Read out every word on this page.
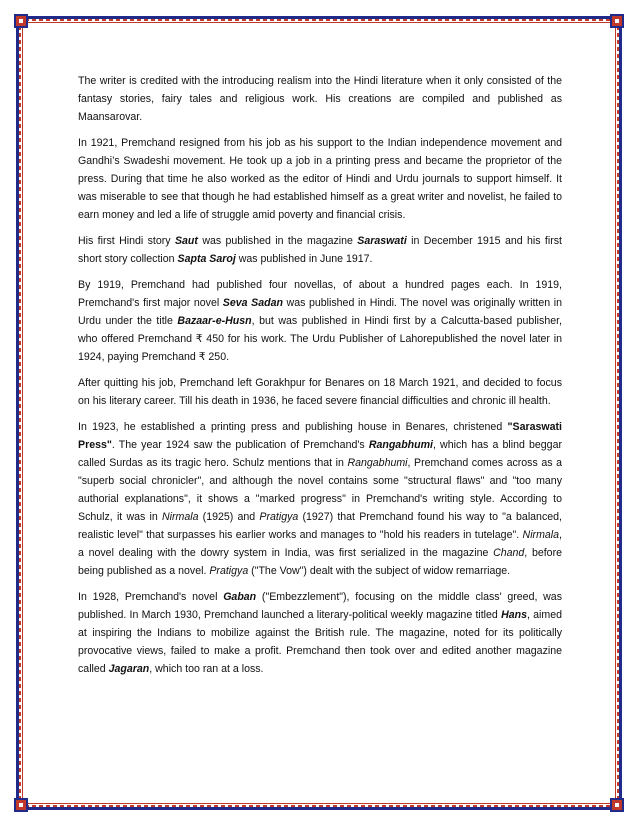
The writer is credited with the introducing realism into the Hindi literature when it only consisted of the fantasy stories, fairy tales and religious work. His creations are compiled and published as Maansarovar.

In 1921, Premchand resigned from his job as his support to the Indian independence movement and Gandhi’s Swadeshi movement. He took up a job in a printing press and became the proprietor of the press. During that time he also worked as the editor of Hindi and Urdu journals to support himself. It was miserable to see that though he had established himself as a great writer and novelist, he failed to earn money and led a life of struggle amid poverty and financial crisis.

His first Hindi story Saut was published in the magazine Saraswati in December 1915 and his first short story collection Sapta Saroj was published in June 1917.

By 1919, Premchand had published four novellas, of about a hundred pages each. In 1919, Premchand's first major novel Seva Sadan was published in Hindi. The novel was originally written in Urdu under the title Bazaar-e-Husn, but was published in Hindi first by a Calcutta-based publisher, who offered Premchand ₹ 450 for his work. The Urdu Publisher of Lahorepublished the novel later in 1924, paying Premchand ₹ 250.

After quitting his job, Premchand left Gorakhpur for Benares on 18 March 1921, and decided to focus on his literary career. Till his death in 1936, he faced severe financial difficulties and chronic ill health.

In 1923, he established a printing press and publishing house in Benares, christened "Saraswati Press". The year 1924 saw the publication of Premchand's Rangabhumi, which has a blind beggar called Surdas as its tragic hero. Schulz mentions that in Rangabhumi, Premchand comes across as a "superb social chronicler", and although the novel contains some "structural flaws" and "too many authorial explanations", it shows a "marked progress" in Premchand's writing style. According to Schulz, it was in Nirmala (1925) and Pratigya (1927) that Premchand found his way to "a balanced, realistic level" that surpasses his earlier works and manages to "hold his readers in tutelage". Nirmala, a novel dealing with the dowry system in India, was first serialized in the magazine Chand, before being published as a novel. Pratigya ("The Vow") dealt with the subject of widow remarriage.

In 1928, Premchand's novel Gaban ("Embezzlement"), focusing on the middle class' greed, was published. In March 1930, Premchand launched a literary-political weekly magazine titled Hans, aimed at inspiring the Indians to mobilize against the British rule. The magazine, noted for its politically provocative views, failed to make a profit. Premchand then took over and edited another magazine called Jagaran, which too ran at a loss.
